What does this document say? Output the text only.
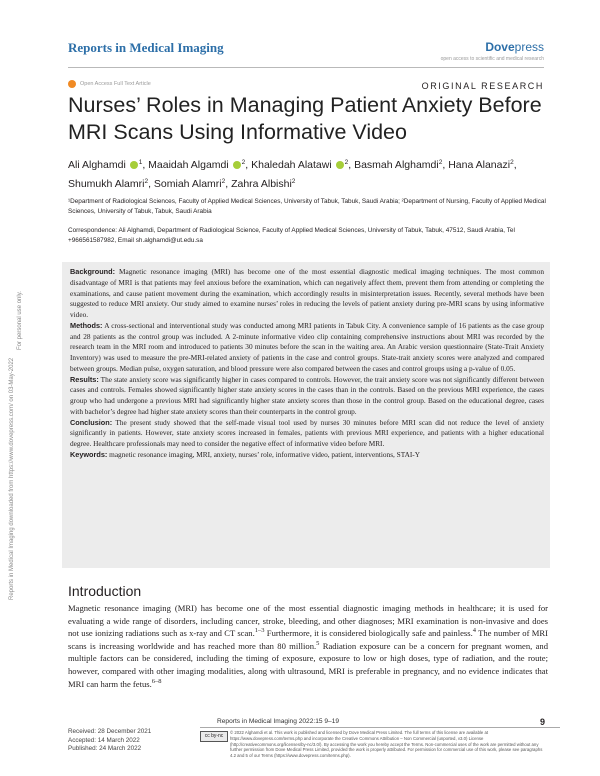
Reports in Medical Imaging	Dovepress
open access to scientific and medical research
Open Access Full Text Article	ORIGINAL RESEARCH
Nurses’ Roles in Managing Patient Anxiety Before MRI Scans Using Informative Video
Ali Alghamdi $^1$, Maaidah Algamdi $^2$, Khaledah Alatawi $^2$, Basmah Alghamdi$^2$, Hana Alanazi$^2$, Shumukh Alamri$^2$, Somiah Alamri$^2$, Zahra Albishi$^2$
¹Department of Radiological Sciences, Faculty of Applied Medical Sciences, University of Tabuk, Tabuk, Saudi Arabia; ²Department of Nursing, Faculty of Applied Medical Sciences, University of Tabuk, Tabuk, Saudi Arabia
Correspondence: Ali Alghamdi, Department of Radiological Science, Faculty of Applied Medical Sciences, University of Tabuk, Tabuk, 47512, Saudi Arabia, Tel +966561587982, Email sh.alghamdi@ut.edu.sa

Background: Magnetic resonance imaging (MRI) has become one of the most essential diagnostic medical imaging techniques. The most common disadvantage of MRI is that patients may feel anxious before the examination, which can negatively affect them, prevent them from attending or completing the examinations, and cause patient movement during the examination, which accordingly results in misinterpretation issues. Recently, several methods have been suggested to reduce MRI anxiety. Our study aimed to examine nurses’ roles in reducing the levels of patient anxiety during pre-MRI scans by using informative video.

Methods: A cross-sectional and interventional study was conducted among MRI patients in Tabuk City. A convenience sample of 16 patients as the case group and 28 patients as the control group was included. A 2-minute informative video clip containing comprehensive instructions about MRI was recorded by the research team in the MRI room and introduced to patients 30 minutes before the scan in the waiting area. An Arabic version questionnaire (State-Trait Anxiety Inventory) was used to measure the pre-MRI-related anxiety of patients in the case and control groups. State-trait anxiety scores were analyzed and compared between groups. Median pulse, oxygen saturation, and blood pressure were also compared between the cases and control groups using a p-value of 0.05.

Results: The state anxiety score was significantly higher in cases compared to controls. However, the trait anxiety score was not significantly different between cases and controls. Females showed significantly higher state anxiety scores in the cases than in the controls. Based on the previous MRI experience, the cases group who had undergone a previous MRI had significantly higher state anxiety scores than those in the control group. Based on the educational degree, cases with bachelor’s degree had higher state anxiety scores than their counterparts in the control group.

Conclusion: The present study showed that the self-made visual tool used by nurses 30 minutes before MRI scan did not reduce the level of anxiety significantly in patients. However, state anxiety scores increased in females, patients with previous MRI experience, and patients with a higher educational degree. Healthcare professionals may need to consider the negative effect of informative video before MRI.

Keywords: magnetic resonance imaging, MRI, anxiety, nurses’ role, informative video, patient, interventions, STAI-Y

Introduction
Magnetic resonance imaging (MRI) has become one of the most essential diagnostic imaging methods in healthcare; it is used for evaluating a wide range of disorders, including cancer, stroke, bleeding, and other diagnoses; MRI examination is non-invasive and does not use ionizing radiations such as x-ray and CT scan.$^{1-3}$ Furthermore, it is considered biologically safe and painless.$^4$ The number of MRI scans is increasing worldwide and has reached more than 80 million.$^5$ Radiation exposure can be a concern for pregnant women, and multiple factors can be considered, including the timing of exposure, exposure to low or high doses, type of radiation, and the route; however, compared with other imaging modalities, along with ultrasound, MRI is preferable in pregnancy, and no evidence indicates that MRI can harm the fetus.$^{6-8}$
Reports in Medical Imaging downloaded from https://www.dovepress.com/ on 03-May-2022
For personal use only.
Reports in Medical Imaging 2022:15 9–19	9
Received: 28 December 2021
Accepted: 14 March 2022
Published: 24 March 2022
cc by-nc
© 2022 Alghamdi et al. This work is published and licensed by Dove Medical Press Limited. The full terms of this license are available at https://www.dovepress.com/terms.php and incorporate the Creative Commons Attribution – Non Commercial (unported, v3.0) License (http://creativecommons.org/licenses/by-nc/3.0/). By accessing the work you hereby accept the Terms. Non-commercial uses of the work are permitted without any further permission from Dove Medical Press Limited, provided the work is properly attributed. For permission for commercial use of this work, please see paragraphs 4.2 and 5 of our Terms (https://www.dovepress.com/terms.php).
